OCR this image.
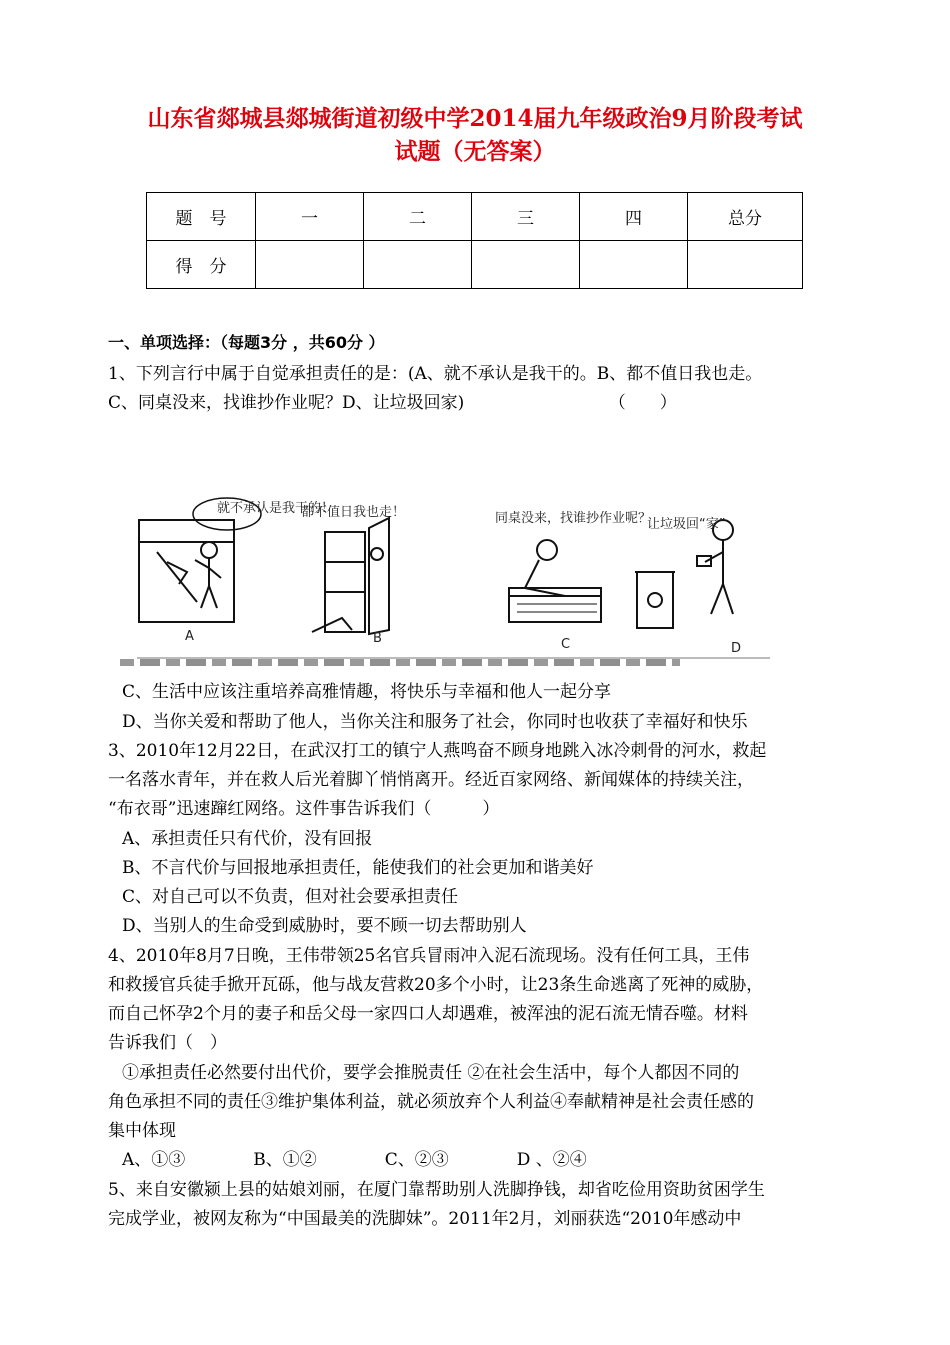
山东省郯城县郯城街道初级中学2014届九年级政治9月阶段考试
试题（无答案）
题　号	一	二	三	四	总分
得　分					
一、单项选择：（每题3分 ，共60分 ）
1、下列言行中属于自觉承担责任的是：(A、就不承认是我干的。B、都不值日我也走。
C、同桌没来，找谁抄作业呢？D、让垃圾回家)　　　　　　　　　（　　）
就不承认是我干的！
都不值日我也走！	同桌没来，找谁抄作业呢？
让垃圾回“家”
A	B	C	D
C、生活中应该注重培养高雅情趣，将快乐与幸福和他人一起分享
D、当你关爱和帮助了他人，当你关注和服务了社会，你同时也收获了幸福好和快乐
3、2010年12月22日，在武汉打工的镇宁人燕鸣奋不顾身地跳入冰冷刺骨的河水，救起
一名落水青年，并在救人后光着脚丫悄悄离开。经近百家网络、新闻媒体的持续关注，
“布衣哥”迅速蹿红网络。这件事告诉我们（　　　）
A、承担责任只有代价，没有回报
B、不言代价与回报地承担责任，能使我们的社会更加和谐美好
C、对自己可以不负责，但对社会要承担责任
D、当别人的生命受到威胁时，要不顾一切去帮助别人
4、2010年8月7日晚，王伟带领25名官兵冒雨冲入泥石流现场。没有任何工具，王伟
和救援官兵徒手掀开瓦砾，他与战友营救20多个小时，让23条生命逃离了死神的威胁，
而自己怀孕2个月的妻子和岳父母一家四口人却遇难，被浑浊的泥石流无情吞噬。材料
告诉我们（　）
①承担责任必然要付出代价，要学会推脱责任 ②在社会生活中，每个人都因不同的
角色承担不同的责任③维护集体利益，就必须放弃个人利益④奉献精神是社会责任感的
集中体现
A、①③　　　　B、①②　　　　C、②③　　　　D 、②④
5、来自安徽颍上县的姑娘刘丽，在厦门靠帮助别人洗脚挣钱，却省吃俭用资助贫困学生
完成学业，被网友称为“中国最美的洗脚妹”。2011年2月，刘丽获选“2010年感动中
